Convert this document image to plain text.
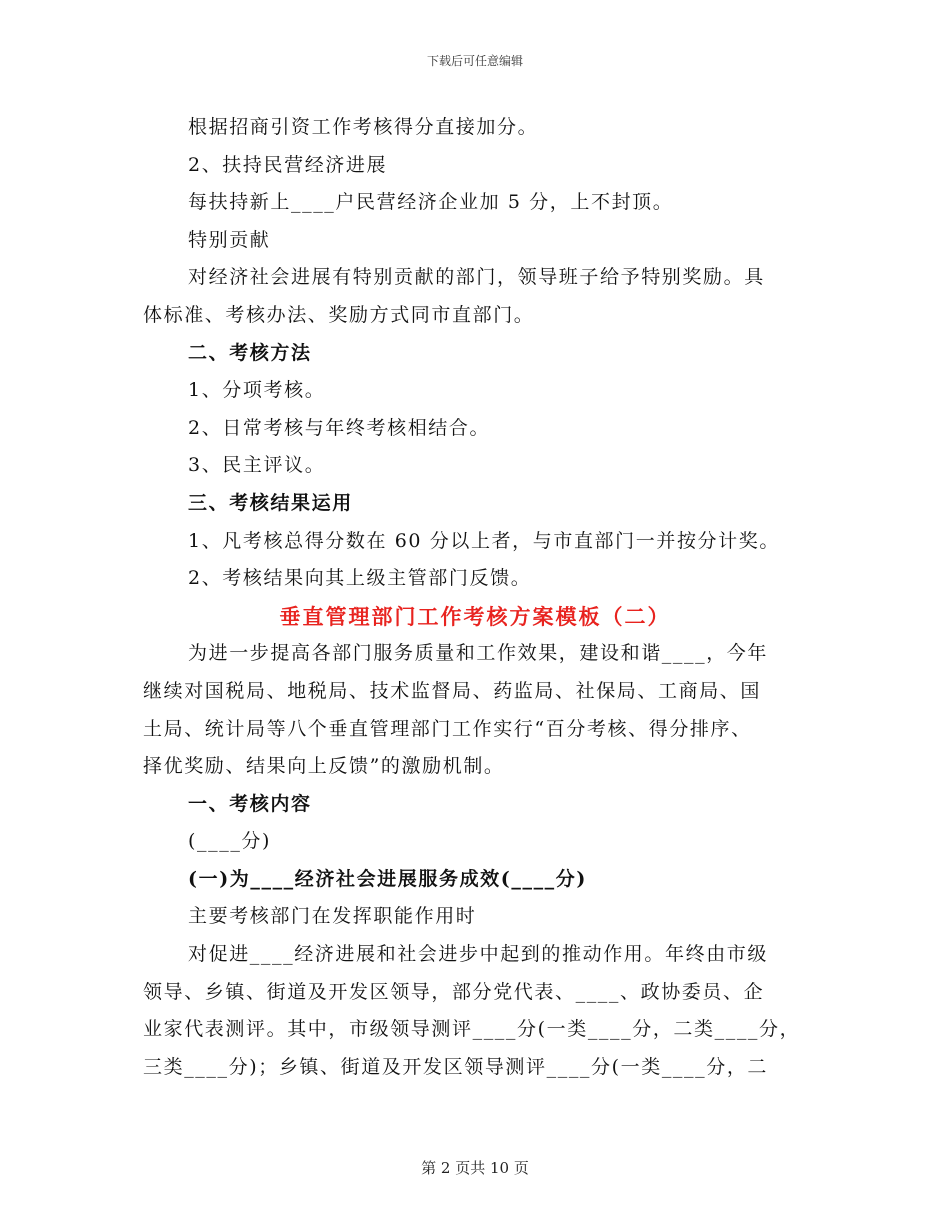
下载后可任意编辑
根据招商引资工作考核得分直接加分。
2、扶持民营经济进展
每扶持新上____户民营经济企业加 5 分，上不封顶。
特别贡献
对经济社会进展有特别贡献的部门，领导班子给予特别奖励。具
体标准、考核办法、奖励方式同市直部门。
二、考核方法
1、分项考核。
2、日常考核与年终考核相结合。
3、民主评议。
三、考核结果运用
1、凡考核总得分数在 60 分以上者，与市直部门一并按分计奖。
2、考核结果向其上级主管部门反馈。
垂直管理部门工作考核方案模板（二）
为进一步提高各部门服务质量和工作效果，建设和谐____，今年
继续对国税局、地税局、技术监督局、药监局、社保局、工商局、国
土局、统计局等八个垂直管理部门工作实行“百分考核、得分排序、
择优奖励、结果向上反馈”的激励机制。
一、考核内容
(____分)
(一)为____经济社会进展服务成效(____分)
主要考核部门在发挥职能作用时
对促进____经济进展和社会进步中起到的推动作用。年终由市级
领导、乡镇、街道及开发区领导，部分党代表、____、政协委员、企
业家代表测评。其中，市级领导测评____分(一类____分，二类____分，
三类____分)；乡镇、街道及开发区领导测评____分(一类____分，二
第 2 页共 10 页
